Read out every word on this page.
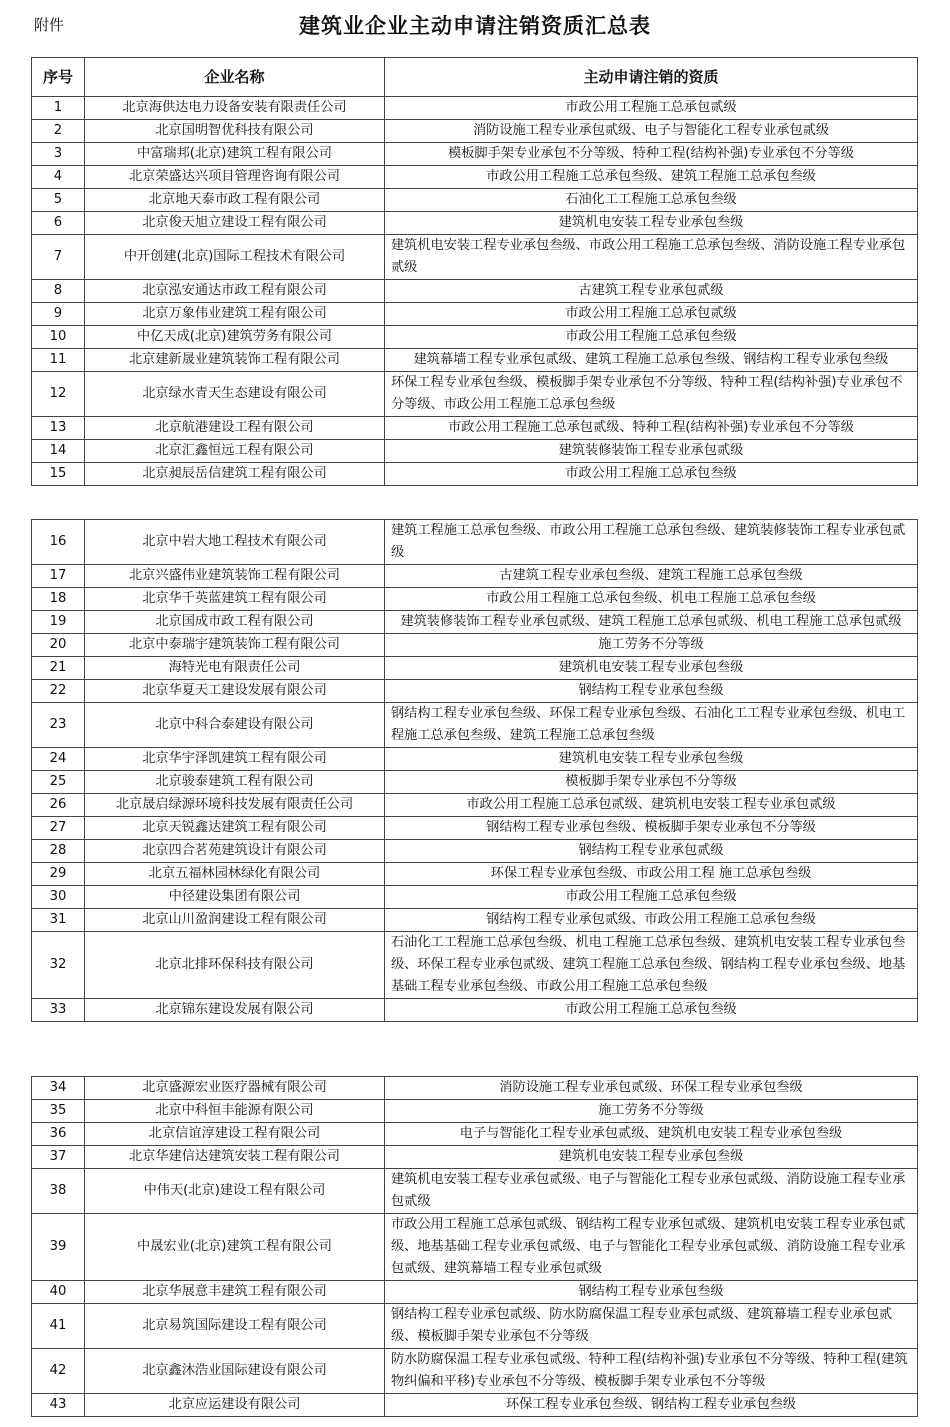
附件	建筑业企业主动申请注销资质汇总表
序号	企业名称	主动申请注销的资质
1	北京海供达电力设备安装有限责任公司	市政公用工程施工总承包贰级
2	北京国明智优科技有限公司	消防设施工程专业承包贰级、电子与智能化工程专业承包贰级
3	中富瑞邦(北京)建筑工程有限公司	模板脚手架专业承包不分等级、特种工程(结构补强)专业承包不分等级
4	北京荣盛达兴项目管理咨询有限公司	市政公用工程施工总承包叁级、建筑工程施工总承包叁级
5	北京地天泰市政工程有限公司	石油化工工程施工总承包叁级
6	北京俊天旭立建设工程有限公司	建筑机电安装工程专业承包叁级
7	中开创建(北京)国际工程技术有限公司	建筑机电安装工程专业承包叁级、市政公用工程施工总承包叁级、消防设施工程专业承包贰级
8	北京泓安通达市政工程有限公司	古建筑工程专业承包贰级
9	北京万象伟业建筑工程有限公司	市政公用工程施工总承包贰级
10	中亿天成(北京)建筑劳务有限公司	市政公用工程施工总承包叁级
11	北京建新晟业建筑装饰工程有限公司	建筑幕墙工程专业承包贰级、建筑工程施工总承包叁级、钢结构工程专业承包叁级
12	北京绿水青天生态建设有限公司	环保工程专业承包叁级、模板脚手架专业承包不分等级、特种工程(结构补强)专业承包不分等级、市政公用工程施工总承包叁级
13	北京航港建设工程有限公司	市政公用工程施工总承包贰级、特种工程(结构补强)专业承包不分等级
14	北京汇鑫恒远工程有限公司	建筑装修装饰工程专业承包贰级
15	北京昶辰岳信建筑工程有限公司	市政公用工程施工总承包叁级
16	北京中岩大地工程技术有限公司	建筑工程施工总承包叁级、市政公用工程施工总承包叁级、建筑装修装饰工程专业承包贰级
17	北京兴盛伟业建筑装饰工程有限公司	古建筑工程专业承包叁级、建筑工程施工总承包叁级
18	北京华千英蓝建筑工程有限公司	市政公用工程施工总承包叁级、机电工程施工总承包叁级
19	北京国成市政工程有限公司	建筑装修装饰工程专业承包贰级、建筑工程施工总承包贰级、机电工程施工总承包贰级
20	北京中泰瑞宇建筑装饰工程有限公司	施工劳务不分等级
21	海特光电有限责任公司	建筑机电安装工程专业承包叁级
22	北京华夏天工建设发展有限公司	钢结构工程专业承包叁级
23	北京中科合泰建设有限公司	钢结构工程专业承包叁级、环保工程专业承包叁级、石油化工工程专业承包叁级、机电工程施工总承包叁级、建筑工程施工总承包叁级
24	北京华宇泽凯建筑工程有限公司	建筑机电安装工程专业承包叁级
25	北京骏泰建筑工程有限公司	模板脚手架专业承包不分等级
26	北京晟启绿源环境科技发展有限责任公司	市政公用工程施工总承包贰级、建筑机电安装工程专业承包贰级
27	北京天锐鑫达建筑工程有限公司	钢结构工程专业承包叁级、模板脚手架专业承包不分等级
28	北京四合茗苑建筑设计有限公司	钢结构工程专业承包贰级
29	北京五福林园林绿化有限公司	环保工程专业承包叁级、市政公用工程 施工总承包叁级
30	中径建设集团有限公司	市政公用工程施工总承包叁级
31	北京山川盈润建设工程有限公司	钢结构工程专业承包贰级、市政公用工程施工总承包叁级
32	北京北排环保科技有限公司	石油化工工程施工总承包叁级、机电工程施工总承包叁级、建筑机电安装工程专业承包叁级、环保工程专业承包贰级、建筑工程施工总承包叁级、钢结构工程专业承包叁级、地基基础工程专业承包叁级、市政公用工程施工总承包叁级
33	北京锦东建设发展有限公司	市政公用工程施工总承包叁级
34	北京盛源宏业医疗器械有限公司	消防设施工程专业承包贰级、环保工程专业承包叁级
35	北京中科恒丰能源有限公司	施工劳务不分等级
36	北京信谊淳建设工程有限公司	电子与智能化工程专业承包贰级、建筑机电安装工程专业承包叁级
37	北京华建信达建筑安装工程有限公司	建筑机电安装工程专业承包叁级
38	中伟天(北京)建设工程有限公司	建筑机电安装工程专业承包贰级、电子与智能化工程专业承包贰级、消防设施工程专业承包贰级
39	中晟宏业(北京)建筑工程有限公司	市政公用工程施工总承包贰级、钢结构工程专业承包贰级、建筑机电安装工程专业承包贰级、地基基础工程专业承包贰级、电子与智能化工程专业承包贰级、消防设施工程专业承包贰级、建筑幕墙工程专业承包贰级
40	北京华展意丰建筑工程有限公司	钢结构工程专业承包叁级
41	北京易筑国际建设工程有限公司	钢结构工程专业承包贰级、防水防腐保温工程专业承包贰级、建筑幕墙工程专业承包贰级、模板脚手架专业承包不分等级
42	北京鑫沐浩业国际建设有限公司	防水防腐保温工程专业承包贰级、特种工程(结构补强)专业承包不分等级、特种工程(建筑物纠偏和平移)专业承包不分等级、模板脚手架专业承包不分等级
43	北京应运建设有限公司	环保工程专业承包叁级、钢结构工程专业承包叁级
